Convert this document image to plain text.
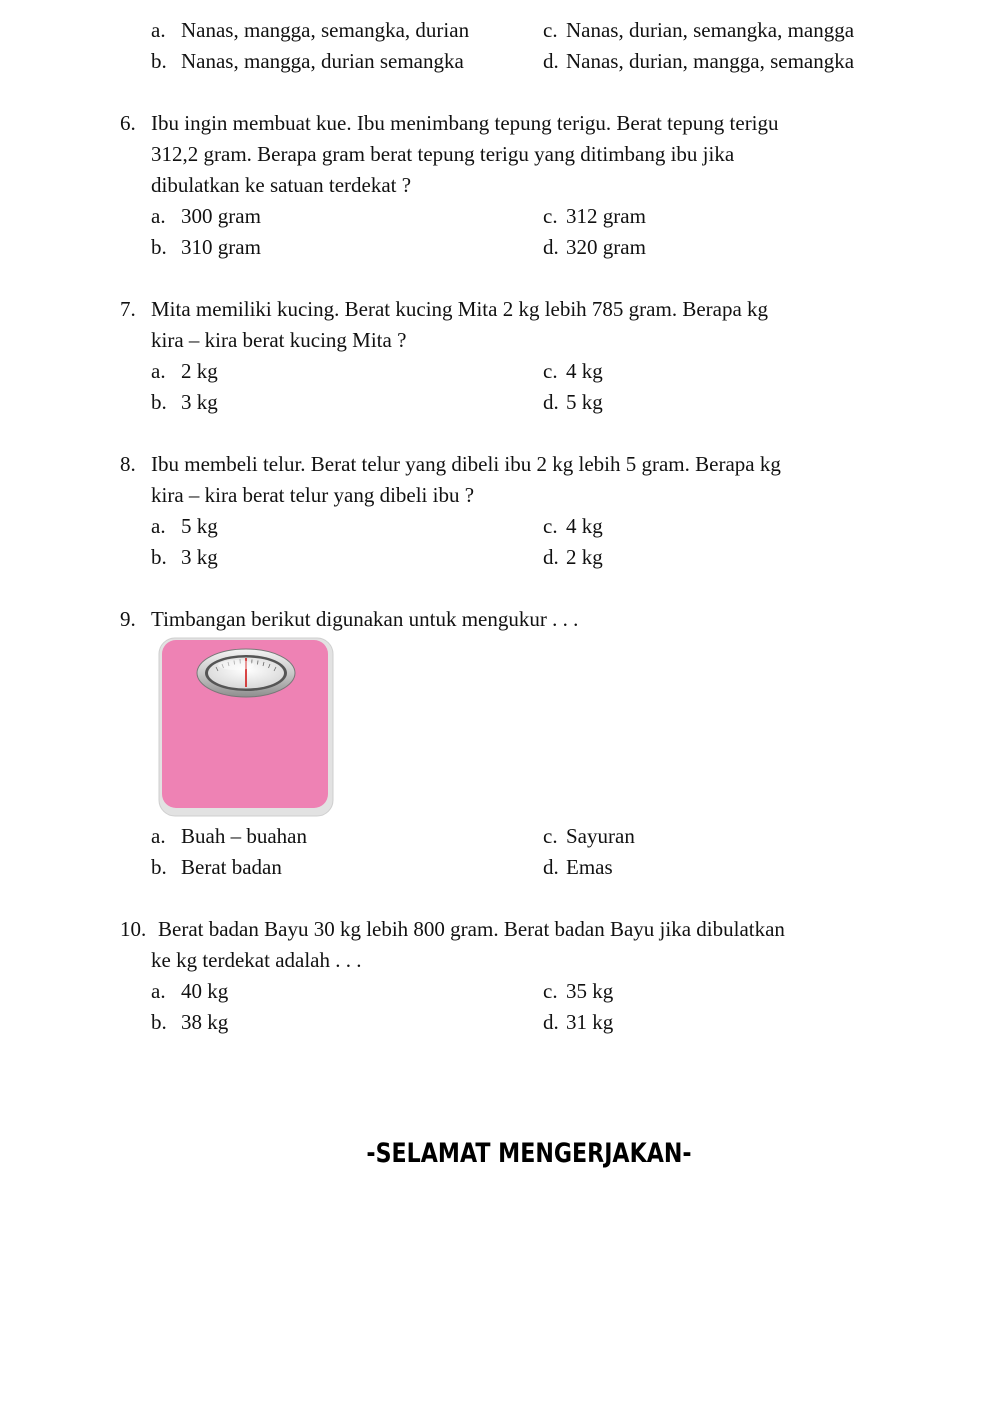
a. Nanas, mangga, semangka, durian
b. Nanas, mangga, durian semangka
c. Nanas, durian, semangka, mangga
d. Nanas, durian, mangga, semangka
6. Ibu ingin membuat kue. Ibu menimbang tepung terigu. Berat tepung terigu
312,2 gram. Berapa gram berat tepung terigu yang ditimbang ibu jika
dibulatkan ke satuan terdekat ?
a. 300 gram
b. 310 gram
c. 312 gram
d. 320 gram
7. Mita memiliki kucing. Berat kucing Mita 2 kg lebih 785 gram. Berapa kg
kira – kira berat kucing Mita ?
a. 2 kg
b. 3 kg
c. 4 kg
d. 5 kg
8. Ibu membeli telur. Berat telur yang dibeli ibu 2 kg lebih 5 gram. Berapa kg
kira – kira berat telur yang dibeli ibu ?
a. 5 kg
b. 3 kg
c. 4 kg
d. 2 kg
9. Timbangan berikut digunakan untuk mengukur . . .
a. Buah – buahan
b. Berat badan
c. Sayuran
d. Emas
10. Berat badan Bayu 30 kg lebih 800 gram. Berat badan Bayu jika dibulatkan
ke kg terdekat adalah . . .
a. 40 kg
b. 38 kg
c. 35 kg
d. 31 kg
-SELAMAT MENGERJAKAN-
